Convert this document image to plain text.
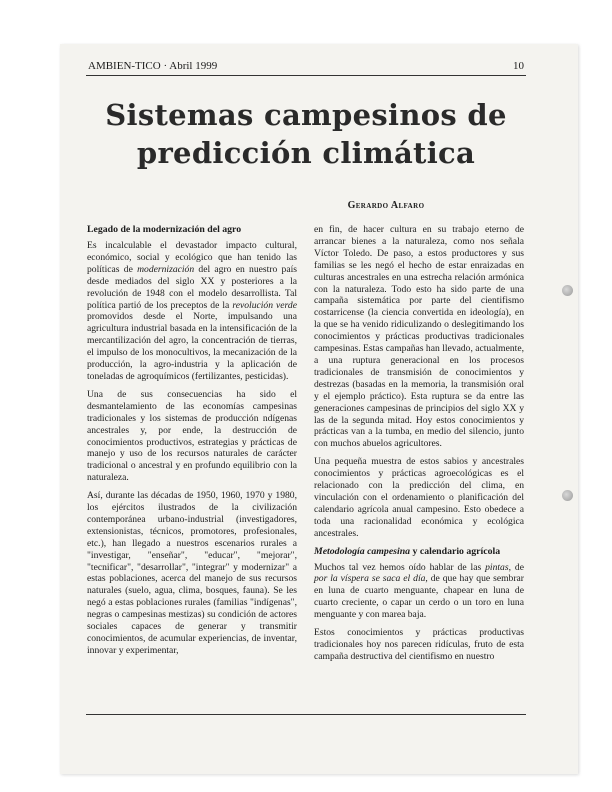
AMBIEN-TICO · Abril 1999	10
Sistemas campesinos de
predicción climática
Gerardo Alfaro
Legado de la modernización del agro

Es incalculable el devastador impacto cultural, económico, social y ecológico que han tenido las políticas de modernización del agro en nuestro país desde mediados del siglo XX y posteriores a la revolución de 1948 con el modelo desarrollista. Tal política partió de los preceptos de la revolución verde promovidos desde el Norte, impulsando una agricultura industrial basada en la intensificación de la mercantilización del agro, la concentración de tierras, el impulso de los monocultivos, la mecanización de la producción, la agro-industria y la aplicación de toneladas de agroquímicos (fertilizantes, pesticidas).

Una de sus consecuencias ha sido el desmantelamiento de las economías campesinas tradicionales y los sistemas de producción ndígenas ancestrales y, por ende, la destrucción de conocimientos productivos, estrategias y prácticas de manejo y uso de los recursos naturales de carácter tradicional o ancestral y en profundo equilibrio con la naturaleza.

Así, durante las décadas de 1950, 1960, 1970 y 1980, los ejércitos ilustrados de la civilización contemporánea urbano-industrial (investigadores, extensionistas, técnicos, promotores, profesionales, etc.), han llegado a nuestros escenarios rurales a "investigar, "enseñar", "educar", "mejorar", "tecnificar", "desarrollar", "integrar" y modernizar" a estas poblaciones, acerca del manejo de sus recursos naturales (suelo, agua, clima, bosques, fauna). Se les negó a estas poblaciones rurales (familias "indígenas", negras o campesinas mestizas) su condición de actores sociales capaces de generar y transmitir conocimientos, de acumular experiencias, de inventar, innovar y experimentar,

en fin, de hacer cultura en su trabajo eterno de arrancar bienes a la naturaleza, como nos señala Víctor Toledo. De paso, a estos productores y sus familias se les negó el hecho de estar enraizadas en culturas ancestrales en una estrecha relación armónica con la naturaleza. Todo esto ha sido parte de una campaña sistemática por parte del cientifismo costarricense (la ciencia convertida en ideología), en la que se ha venido ridiculizando o deslegitimando los conocimientos y prácticas productivas tradicionales campesinas. Estas campañas han llevado, actualmente, a una ruptura generacional en los procesos tradicionales de transmisión de conocimientos y destrezas (basadas en la memoria, la transmisión oral y el ejemplo práctico). Esta ruptura se da entre las generaciones campesinas de principios del siglo XX y las de la segunda mitad. Hoy estos conocimientos y prácticas van a la tumba, en medio del silencio, junto con muchos abuelos agricultores.

Una pequeña muestra de estos sabios y ancestrales conocimientos y prácticas agroecológicas es el relacionado con la predicción del clima, en vinculación con el ordenamiento o planificación del calendario agrícola anual campesino. Esto obedece a toda una racionalidad económica y ecológica ancestrales.

Metodología campesina y calendario agrícola

Muchos tal vez hemos oído hablar de las pintas, de por la víspera se saca el día, de que hay que sembrar en luna de cuarto menguante, chapear en luna de cuarto creciente, o capar un cerdo o un toro en luna menguante y con marea baja.

Estos conocimientos y prácticas productivas tradicionales hoy nos parecen ridículas, fruto de esta campaña destructiva del cientifismo en nuestro
